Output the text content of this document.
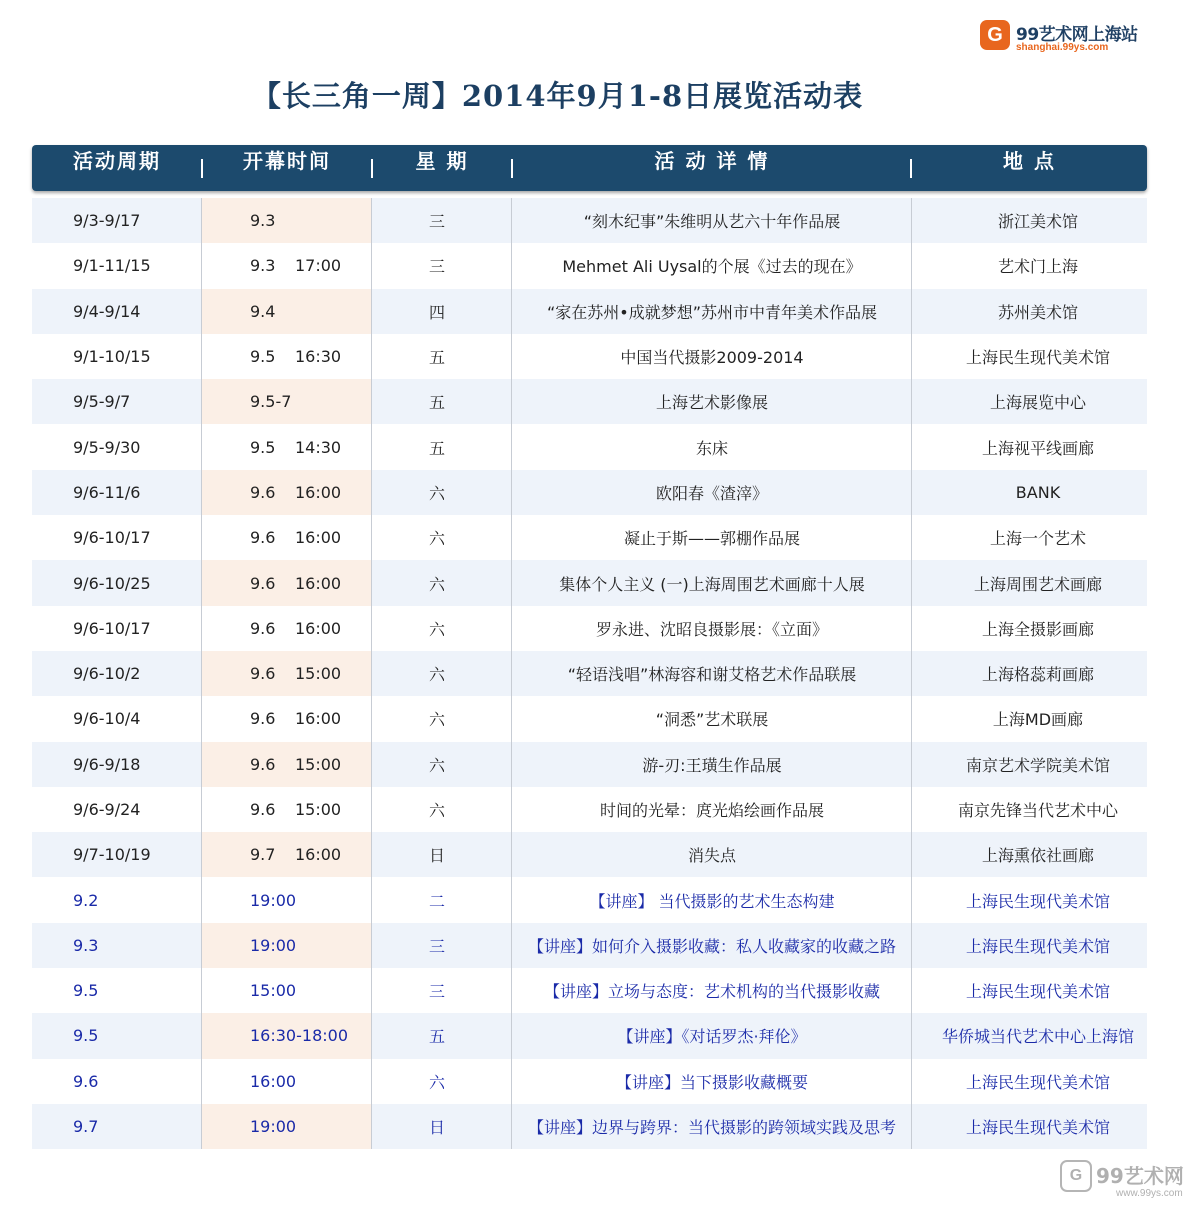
G 99艺术网上海站
shanghai.99ys.com
【长三角一周】2014年9月1-8日展览活动表
活动周期	开幕时间	星 期	活 动 详 情	地 点
9/3-9/17	9.3	三	“刻木纪事”朱维明从艺六十年作品展	浙江美术馆
9/1-11/15	9.3 17:00	三	Mehmet Ali Uysal的个展《过去的现在》	艺术门上海
9/4-9/14	9.4	四	“家在苏州•成就梦想”苏州市中青年美术作品展	苏州美术馆
9/1-10/15	9.5 16:30	五	中国当代摄影2009-2014	上海民生现代美术馆
9/5-9/7	9.5-7	五	上海艺术影像展	上海展览中心
9/5-9/30	9.5 14:30	五	东床	上海视平线画廊
9/6-11/6	9.6 16:00	六	欧阳春《渣滓》	BANK
9/6-10/17	9.6 16:00	六	凝止于斯——郭棚作品展	上海一个艺术
9/6-10/25	9.6 16:00	六	集体个人主义 (一)上海周围艺术画廊十人展	上海周围艺术画廊
9/6-10/17	9.6 16:00	六	罗永进、沈昭良摄影展：《立面》	上海全摄影画廊
9/6-10/2	9.6 15:00	六	“轻语浅唱”林海容和谢艾格艺术作品联展	上海格蕊莉画廊
9/6-10/4	9.6 16:00	六	“洞悉”艺术联展	上海MD画廊
9/6-9/18	9.6 15:00	六	游-刃:王璜生作品展	南京艺术学院美术馆
9/6-9/24	9.6 15:00	六	时间的光晕：庹光焰绘画作品展	南京先锋当代艺术中心
9/7-10/19	9.7 16:00	日	消失点	上海熏依社画廊
9.2	19:00	二	【讲座】 当代摄影的艺术生态构建	上海民生现代美术馆
9.3	19:00	三	【讲座】如何介入摄影收藏：私人收藏家的收藏之路	上海民生现代美术馆
9.5	15:00	三	【讲座】立场与态度：艺术机构的当代摄影收藏	上海民生现代美术馆
9.5	16:30-18:00	五	【讲座】《对话罗杰·拜伦》	华侨城当代艺术中心上海馆
9.6	16:00	六	【讲座】当下摄影收藏概要	上海民生现代美术馆
9.7	19:00	日	【讲座】边界与跨界：当代摄影的跨领域实践及思考	上海民生现代美术馆
G 99艺术网
www.99ys.com
